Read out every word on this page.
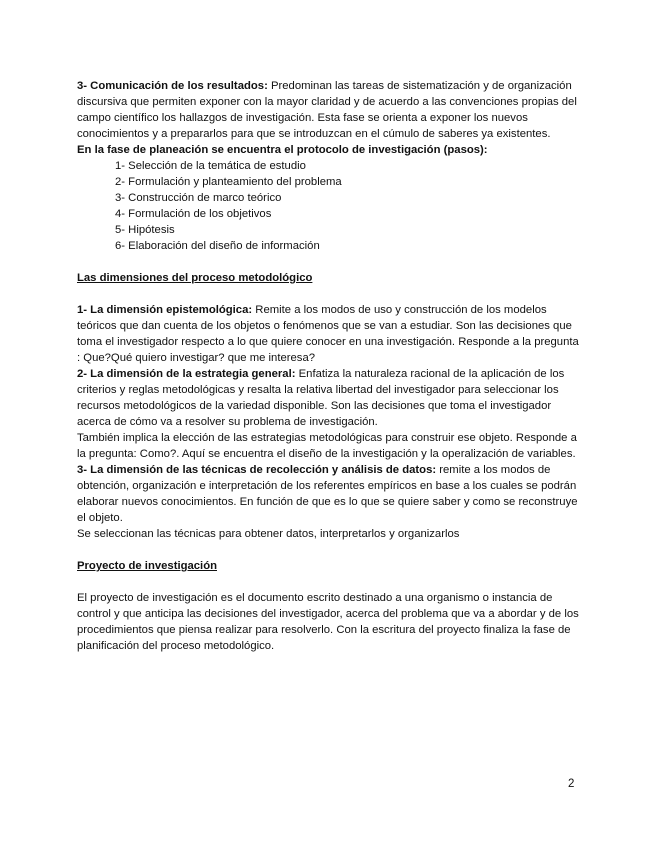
3- Comunicación de los resultados: Predominan las tareas de sistematización y de organización discursiva que permiten exponer con la mayor claridad y de acuerdo a las convenciones propias del campo científico los hallazgos de investigación. Esta fase se orienta a exponer los nuevos conocimientos y a prepararlos para que se introduzcan en el cúmulo de saberes ya existentes.

En la fase de planeación se encuentra el protocolo de investigación (pasos):

1- Selección de la temática de estudio
2- Formulación y planteamiento del problema
3- Construcción de marco teórico
4- Formulación de los objetivos
5- Hipótesis
6- Elaboración del diseño de información

Las dimensiones del proceso metodológico

1- La dimensión epistemológica: Remite a los modos de uso y construcción de los modelos teóricos que dan cuenta de los objetos o fenómenos que se van a estudiar. Son las decisiones que toma el investigador respecto a lo que quiere conocer en una investigación. Responde a la pregunta : Que?Qué quiero investigar? que me interesa?

2- La dimensión de la estrategia general: Enfatiza la naturaleza racional de la aplicación de los criterios y reglas metodológicas y resalta la relativa libertad del investigador para seleccionar los recursos metodológicos de la variedad disponible. Son las decisiones que toma el investigador acerca de cómo va a resolver su problema de investigación.

También implica la elección de las estrategias metodológicas para construir ese objeto. Responde a la pregunta: Como?. Aquí se encuentra el diseño de la investigación y la operalización de variables.

3- La dimensión de las técnicas de recolección y análisis de datos: remite a los modos de obtención, organización e interpretación de los referentes empíricos en base a los cuales se podrán elaborar nuevos conocimientos. En función de que es lo que se quiere saber y como se reconstruye el objeto.

Se seleccionan las técnicas para obtener datos, interpretarlos y organizarlos

Proyecto de investigación

El proyecto de investigación es el documento escrito destinado a una organismo o instancia de control y que anticipa las decisiones del investigador, acerca del problema que va a abordar y de los procedimientos que piensa realizar para resolverlo. Con la escritura del proyecto finaliza la fase de planificación del proceso metodológico.

2
